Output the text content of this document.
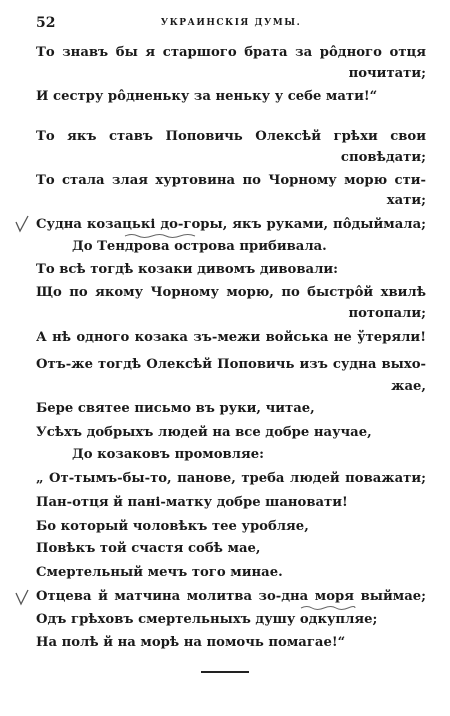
52	УКРАИНСКІЯ ДУМЫ.
То знавъ бы я старшого брата за рôдного отця
почитати;
И сестру рôдненьку за неньку у себе мати!“
То якъ ставъ Поповичь Олексѣй грѣхи свои
сповѣдати;
То стала злая хуртовина по Чорному морю сти-
хати;
Судна козацькі до-горы, якъ руками, пôдыймала;
До Тендрова острова прибивала.
То всѣ тогдѣ козаки дивомъ дивовали:
Що по якому Чорному морю, по быстрôй хвилѣ
потопали;
А нѣ одного козака зъ-межи войська не ўтеряли!
Отъ-же тогдѣ Олексѣй Поповичь изъ судна выхо-
жае,
Бере святее письмо въ руки, читае,
Усѣхъ добрыхъ людей на все добре научае,
До козаковъ промовляе:
„ От-тымъ-бы-то, панове, треба людей поважати;
Пан-отця й пані-матку добре шановати!
Бо который чоловѣкъ тее уробляе,
Повѣкъ той счастя собѣ мае,
Смертельный мечъ того минае.
Отцева й матчина молитва зо-дна моря выймае;
Одъ грѣховъ смертельныхъ душу одкупляе;
На полѣ й на морѣ на помочь помагае!“
